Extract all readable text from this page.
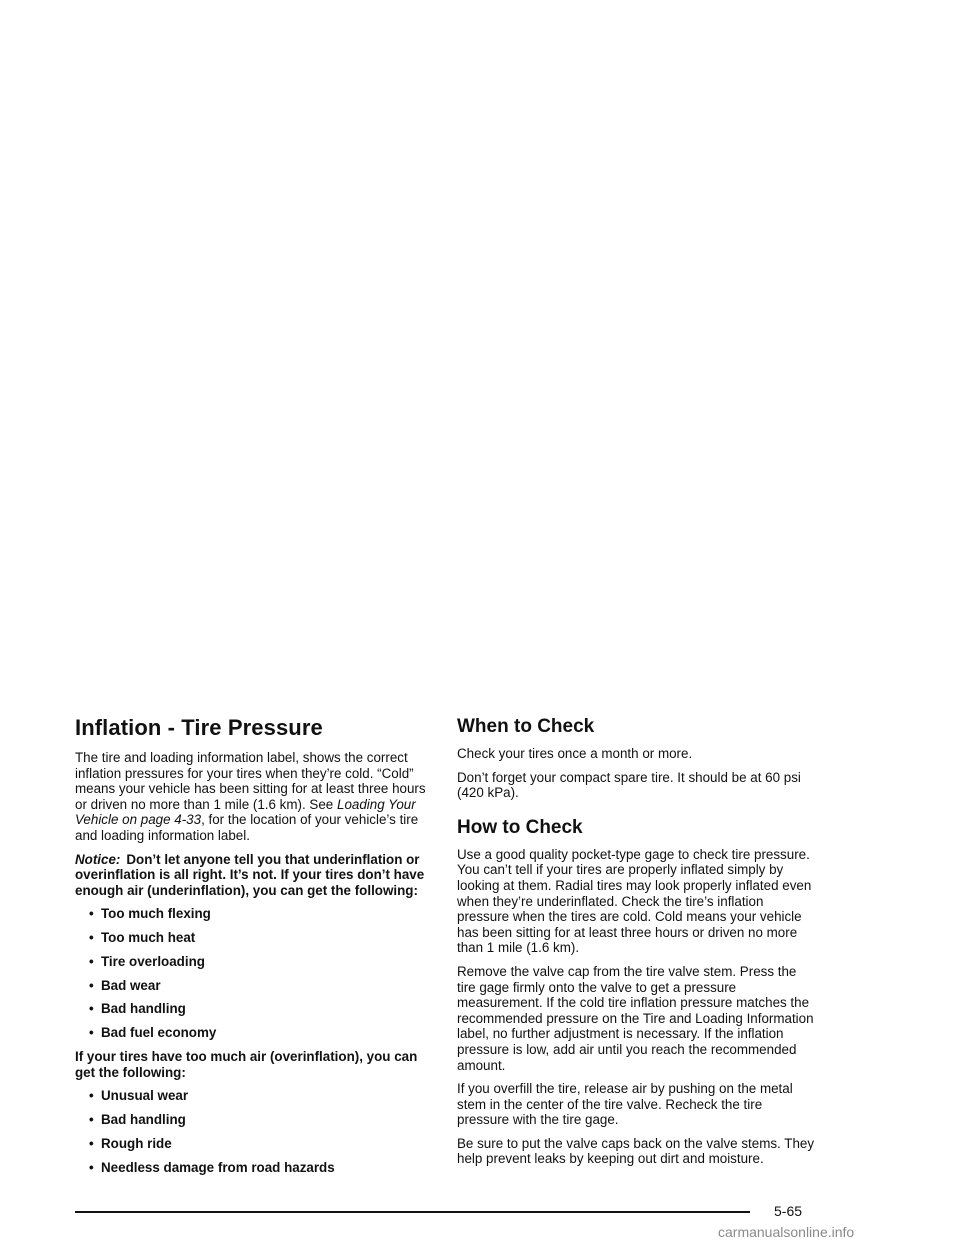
Inflation - Tire Pressure

The tire and loading information label, shows the correct inflation pressures for your tires when they’re cold. “Cold” means your vehicle has been sitting for at least three hours or driven no more than 1 mile (1.6 km). See Loading Your Vehicle on page 4-33, for the location of your vehicle’s tire and loading information label.

Notice: Don’t let anyone tell you that underinflation or overinflation is all right. It’s not. If your tires don’t have enough air (underinflation), you can get the following:

• Too much flexing
• Too much heat
• Tire overloading
• Bad wear
• Bad handling
• Bad fuel economy

If your tires have too much air (overinflation), you can get the following:

• Unusual wear
• Bad handling
• Rough ride
• Needless damage from road hazards
When to Check

Check your tires once a month or more.

Don’t forget your compact spare tire. It should be at 60 psi (420 kPa).

How to Check

Use a good quality pocket-type gage to check tire pressure. You can’t tell if your tires are properly inflated simply by looking at them. Radial tires may look properly inflated even when they’re underinflated. Check the tire’s inflation pressure when the tires are cold. Cold means your vehicle has been sitting for at least three hours or driven no more than 1 mile (1.6 km).

Remove the valve cap from the tire valve stem. Press the tire gage firmly onto the valve to get a pressure measurement. If the cold tire inflation pressure matches the recommended pressure on the Tire and Loading Information label, no further adjustment is necessary. If the inflation pressure is low, add air until you reach the recommended amount.

If you overfill the tire, release air by pushing on the metal stem in the center of the tire valve. Recheck the tire pressure with the tire gage.

Be sure to put the valve caps back on the valve stems. They help prevent leaks by keeping out dirt and moisture.

5-65
carmanualsonline.info
